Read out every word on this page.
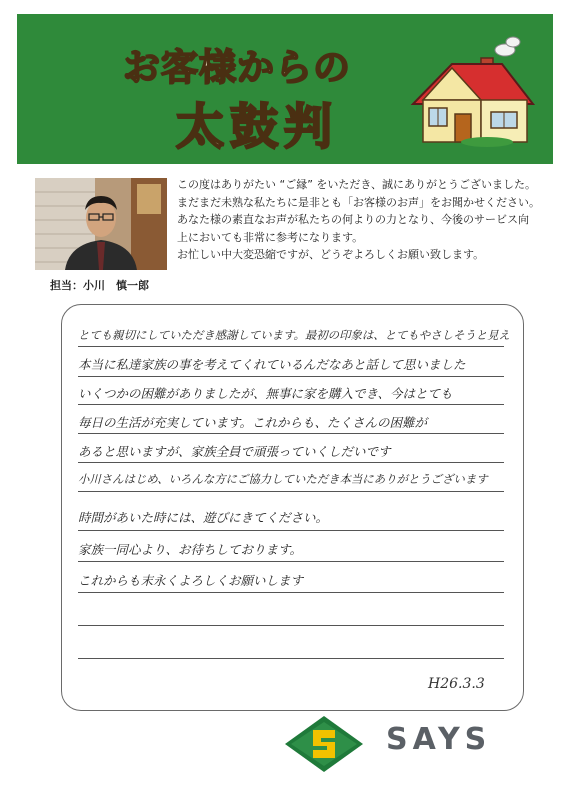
お客様からの
太鼓判
担当：小川　慎一郎
この度はありがたい “ご縁” をいただき、誠にありがとうございました。
まだまだ未熟な私たちに是非とも「お客様のお声」をお聞かせください。
あなた様の素直なお声が私たちの何よりの力となり、今後のサービス向
上においても非常に参考になります。
お忙しい中大変恐縮ですが、どうぞよろしくお願い致します。
とても親切にしていただき感謝しています。最初の印象は、とてもやさしそうと見え
本当に私達家族の事を考えてくれているんだなあと話して思いました
いくつかの困難がありましたが、無事に家を購入でき、今はとても
毎日の生活が充実しています。これからも、たくさんの困難が
あると思いますが、家族全員で頑張っていくしだいです
小川さんはじめ、いろんな方にご協力していただき本当にありがとうございます
時間があいた時には、遊びにきてください。
家族一同心より、お待ちしております。
これからも末永くよろしくお願いします
H26.3.3
SAYS
